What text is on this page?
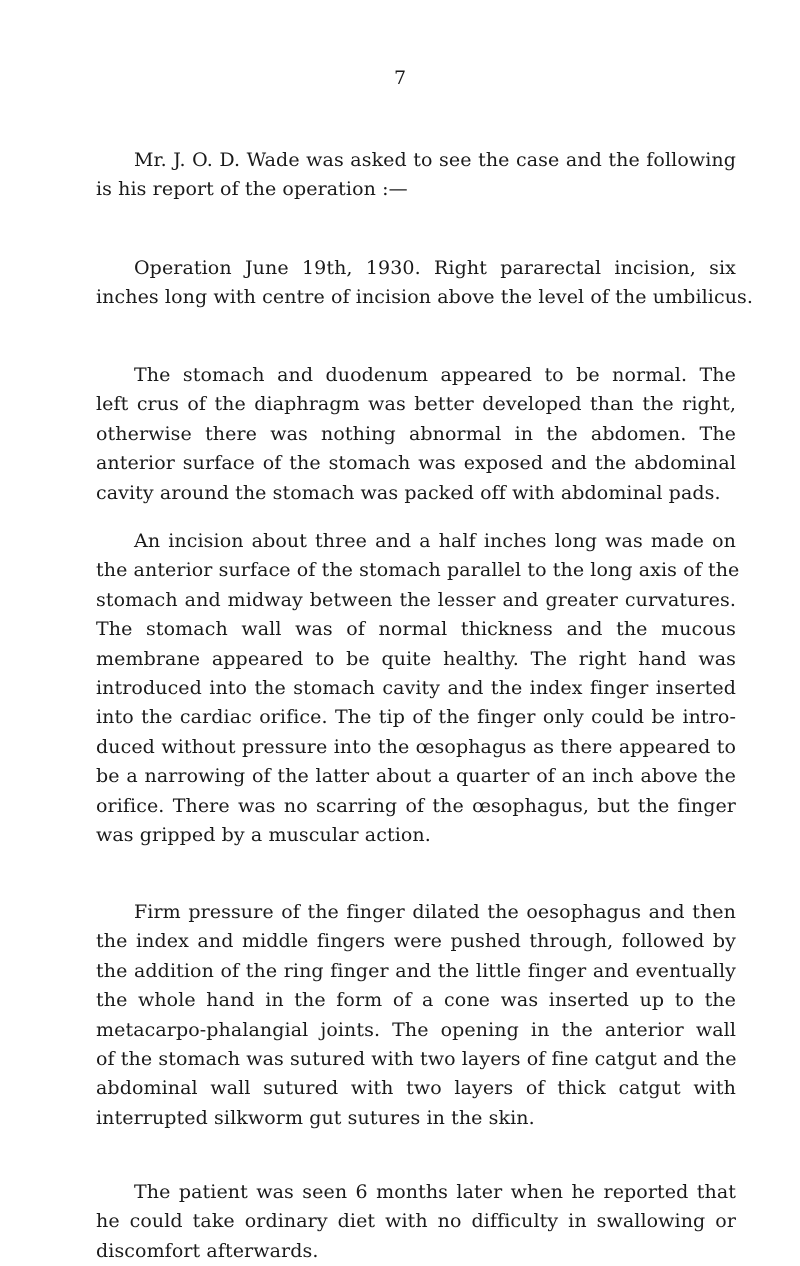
7

Mr. J. O. D. Wade was asked to see the case and the following
is his report of the operation :—

Operation June 19th, 1930. Right pararectal incision, six
inches long with centre of incision above the level of the umbilicus.

The stomach and duodenum appeared to be normal. The
left crus of the diaphragm was better developed than the right,
otherwise there was nothing abnormal in the abdomen. The
anterior surface of the stomach was exposed and the abdominal
cavity around the stomach was packed off with abdominal pads.

An incision about three and a half inches long was made on
the anterior surface of the stomach parallel to the long axis of the
stomach and midway between the lesser and greater curvatures.
The stomach wall was of normal thickness and the mucous
membrane appeared to be quite healthy. The right hand was
introduced into the stomach cavity and the index finger inserted
into the cardiac orifice. The tip of the finger only could be intro-
duced without pressure into the œsophagus as there appeared to
be a narrowing of the latter about a quarter of an inch above the
orifice. There was no scarring of the œsophagus, but the finger
was gripped by a muscular action.

Firm pressure of the finger dilated the oesophagus and then
the index and middle fingers were pushed through, followed by
the addition of the ring finger and the little finger and eventually
the whole hand in the form of a cone was inserted up to the
metacarpo-phalangial joints. The opening in the anterior wall
of the stomach was sutured with two layers of fine catgut and the
abdominal wall sutured with two layers of thick catgut with
interrupted silkworm gut sutures in the skin.

The patient was seen 6 months later when he reported that
he could take ordinary diet with no difficulty in swallowing or
discomfort afterwards.
